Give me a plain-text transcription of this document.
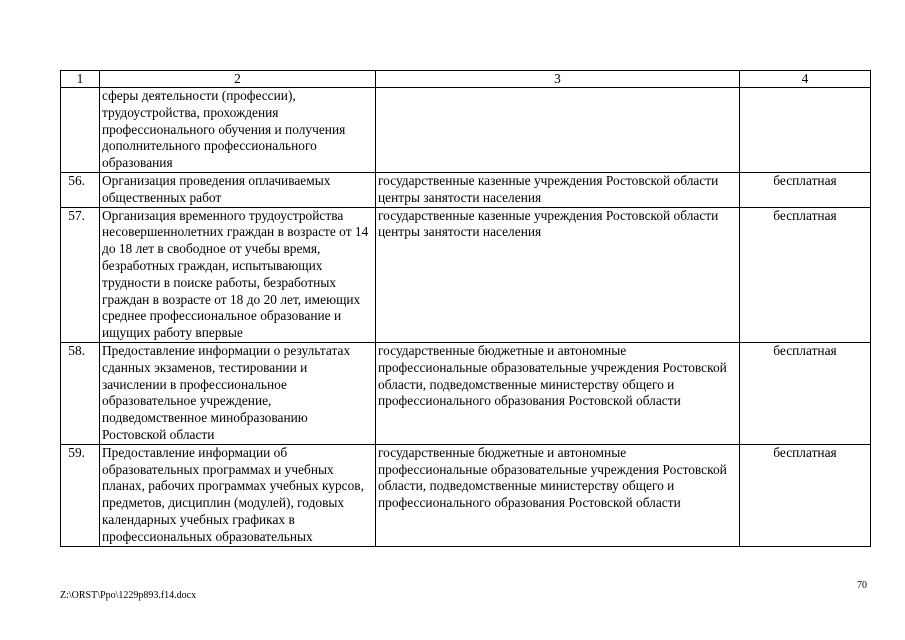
1	2	3	4
	сферы деятельности (профессии), трудоустройства, прохождения профессионального обучения и получения дополнительного профессионального образования		
56.	Организация проведения оплачиваемых общественных работ	государственные казенные учреждения Ростовской области центры занятости населения	бесплатная
57.	Организация временного трудоустройства несовершеннолетних граждан в возрасте от 14 до 18 лет в свободное от учебы время, безработных граждан, испытывающих трудности в поиске работы, безработных граждан в возрасте от 18 до 20 лет, имеющих среднее профессиональное образование и ищущих работу впервые	государственные казенные учреждения Ростовской области центры занятости населения	бесплатная
58.	Предоставление информации о результатах сданных экзаменов, тестировании и зачислении в профессиональное образовательное учреждение, подведомственное минобразованию Ростовской области	государственные бюджетные и автономные профессиональные образовательные учреждения Ростовской области, подведомственные министерству общего и профессионального образования Ростовской области	бесплатная
59.	Предоставление информации об образовательных программах и учебных планах, рабочих программах учебных курсов, предметов, дисциплин (модулей), годовых календарных учебных графиках в профессиональных образовательных	государственные бюджетные и автономные профессиональные образовательные учреждения Ростовской области, подведомственные министерству общего и профессионального образования Ростовской области	бесплатная
70
Z:\ORST\Ppo\1229p893.f14.docx
